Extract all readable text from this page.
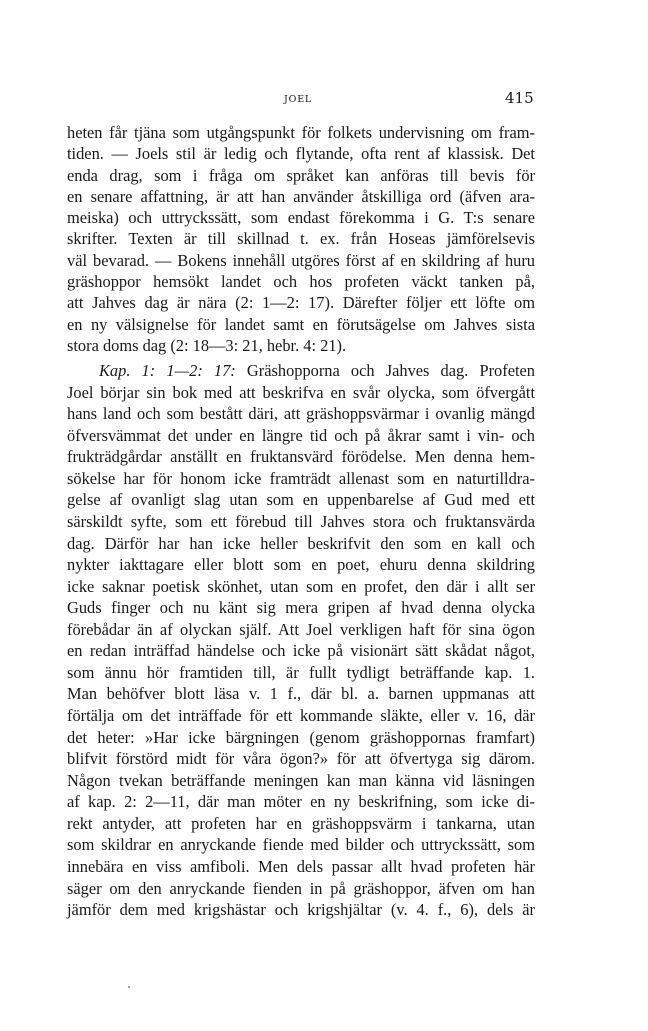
JOEL	415
heten får tjäna som utgångspunkt för folkets undervisning om fram-
tiden. — Joels stil är ledig och flytande, ofta rent af klassisk. Det
enda drag, som i fråga om språket kan anföras till bevis för
en senare affattning, är att han använder åtskilliga ord (äfven ara-
meiska) och uttryckssätt, som endast förekomma i G. T:s senare
skrifter. Texten är till skillnad t. ex. från Hoseas jämförelsevis
väl bevarad. — Bokens innehåll utgöres först af en skildring af huru
gräshoppor hemsökt landet och hos profeten väckt tanken på,
att Jahves dag är nära (2: 1—2: 17). Därefter följer ett löfte om
en ny välsignelse för landet samt en förutsägelse om Jahves sista
stora doms dag (2: 18—3: 21, hebr. 4: 21).
Kap. 1: 1—2: 17: Gräshopporna och Jahves dag. Profeten
Joel börjar sin bok med att beskrifva en svår olycka, som öfvergått
hans land och som bestått däri, att gräshoppsvärmar i ovanlig mängd
öfversvämmat det under en längre tid och på åkrar samt i vin- och
frukträdgårdar anställt en fruktansvärd förödelse. Men denna hem-
sökelse har för honom icke framträdt allenast som en naturtilldra-
gelse af ovanligt slag utan som en uppenbarelse af Gud med ett
särskildt syfte, som ett förebud till Jahves stora och fruktansvärda
dag. Därför har han icke heller beskrifvit den som en kall och
nykter iakttagare eller blott som en poet, ehuru denna skildring
icke saknar poetisk skönhet, utan som en profet, den där i allt ser
Guds finger och nu känt sig mera gripen af hvad denna olycka
förebådar än af olyckan själf. Att Joel verkligen haft för sina ögon
en redan inträffad händelse och icke på visionärt sätt skådat något,
som ännu hör framtiden till, är fullt tydligt beträffande kap. 1.
Man behöfver blott läsa v. 1 f., där bl. a. barnen uppmanas att
förtälja om det inträffade för ett kommande släkte, eller v. 16, där
det heter: »Har icke bärgningen (genom gräshoppornas framfart)
blifvit förstörd midt för våra ögon?» för att öfvertyga sig därom.
Någon tvekan beträffande meningen kan man känna vid läsningen
af kap. 2: 2—11, där man möter en ny beskrifning, som icke di-
rekt antyder, att profeten har en gräshoppsvärm i tankarna, utan
som skildrar en anryckande fiende med bilder och uttryckssätt, som
innebära en viss amfiboli. Men dels passar allt hvad profeten här
säger om den anryckande fienden in på gräshoppor, äfven om han
jämför dem med krigshästar och krigshjältar (v. 4. f., 6), dels är
